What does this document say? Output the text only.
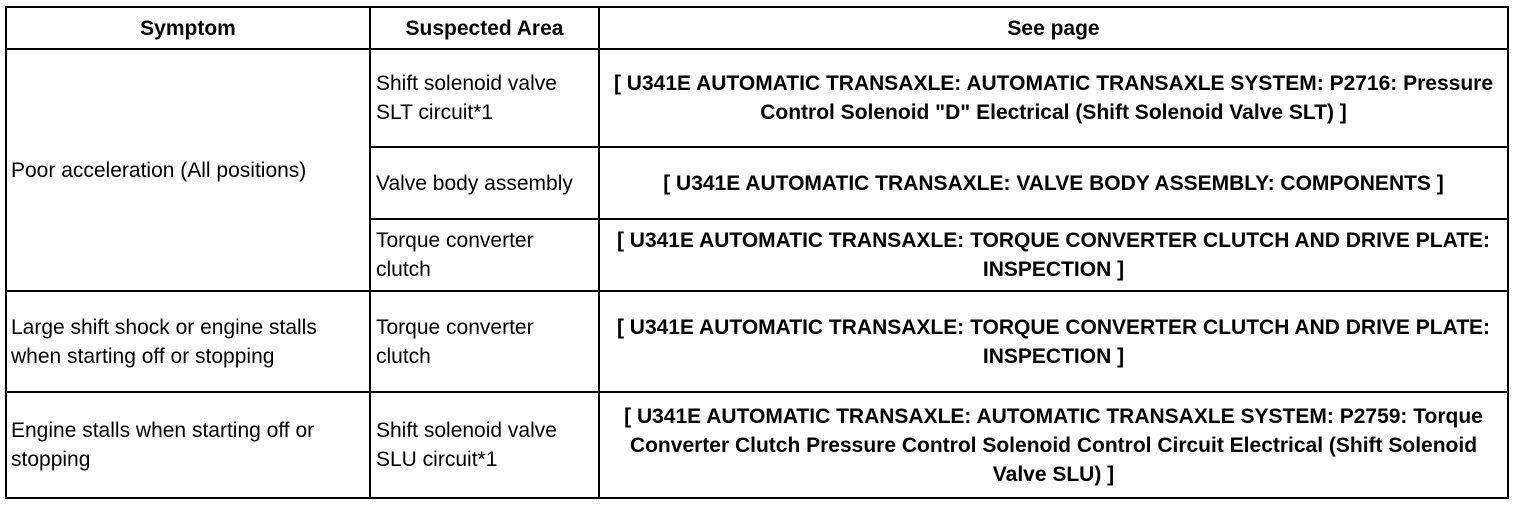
Symptom	Suspected Area	See page
Poor acceleration (All positions)	Shift solenoid valve SLT circuit*1	[ U341E AUTOMATIC TRANSAXLE: AUTOMATIC TRANSAXLE SYSTEM: P2716: Pressure Control Solenoid "D" Electrical (Shift Solenoid Valve SLT) ]
	Valve body assembly	[ U341E AUTOMATIC TRANSAXLE: VALVE BODY ASSEMBLY: COMPONENTS ]
	Torque converter clutch	[ U341E AUTOMATIC TRANSAXLE: TORQUE CONVERTER CLUTCH AND DRIVE PLATE: INSPECTION ]
Large shift shock or engine stalls when starting off or stopping	Torque converter clutch	[ U341E AUTOMATIC TRANSAXLE: TORQUE CONVERTER CLUTCH AND DRIVE PLATE: INSPECTION ]
Engine stalls when starting off or stopping	Shift solenoid valve SLU circuit*1	[ U341E AUTOMATIC TRANSAXLE: AUTOMATIC TRANSAXLE SYSTEM: P2759: Torque Converter Clutch Pressure Control Solenoid Control Circuit Electrical (Shift Solenoid Valve SLU) ]
